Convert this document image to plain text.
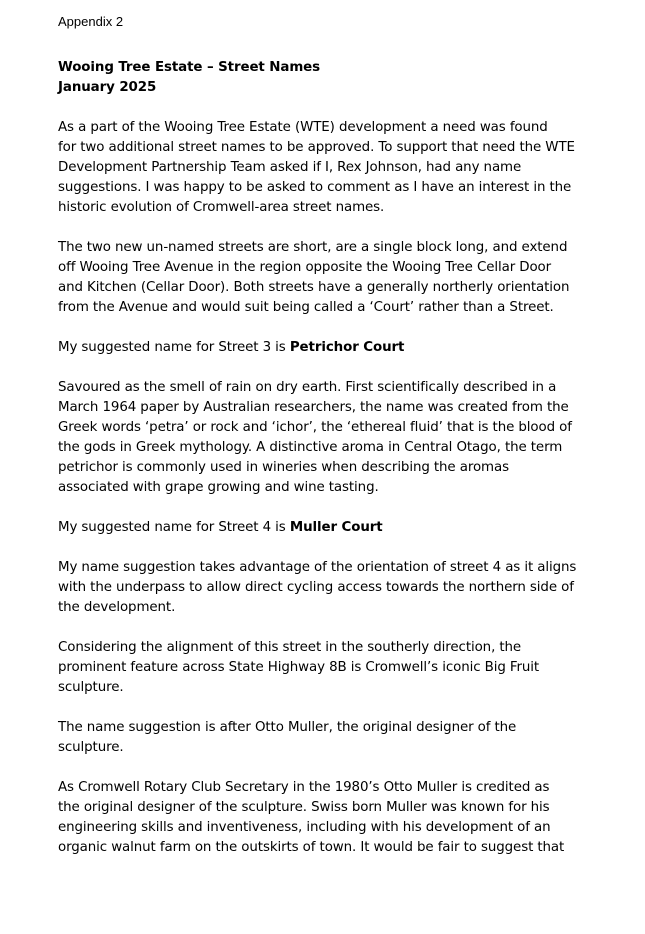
Appendix 2

Wooing Tree Estate – Street Names
January 2025

As a part of the Wooing Tree Estate (WTE) development a need was found
for two additional street names to be approved. To support that need the WTE
Development Partnership Team asked if I, Rex Johnson, had any name
suggestions. I was happy to be asked to comment as I have an interest in the
historic evolution of Cromwell-area street names.

The two new un-named streets are short, are a single block long, and extend
off Wooing Tree Avenue in the region opposite the Wooing Tree Cellar Door
and Kitchen (Cellar Door). Both streets have a generally northerly orientation
from the Avenue and would suit being called a ‘Court’ rather than a Street.

My suggested name for Street 3 is Petrichor Court

Savoured as the smell of rain on dry earth. First scientifically described in a
March 1964 paper by Australian researchers, the name was created from the
Greek words ‘petra’ or rock and ‘ichor’, the ‘ethereal fluid’ that is the blood of
the gods in Greek mythology. A distinctive aroma in Central Otago, the term
petrichor is commonly used in wineries when describing the aromas
associated with grape growing and wine tasting.

My suggested name for Street 4 is Muller Court

My name suggestion takes advantage of the orientation of street 4 as it aligns
with the underpass to allow direct cycling access towards the northern side of
the development.

Considering the alignment of this street in the southerly direction, the
prominent feature across State Highway 8B is Cromwell’s iconic Big Fruit
sculpture.

The name suggestion is after Otto Muller, the original designer of the
sculpture.

As Cromwell Rotary Club Secretary in the 1980’s Otto Muller is credited as
the original designer of the sculpture. Swiss born Muller was known for his
engineering skills and inventiveness, including with his development of an
organic walnut farm on the outskirts of town. It would be fair to suggest that
